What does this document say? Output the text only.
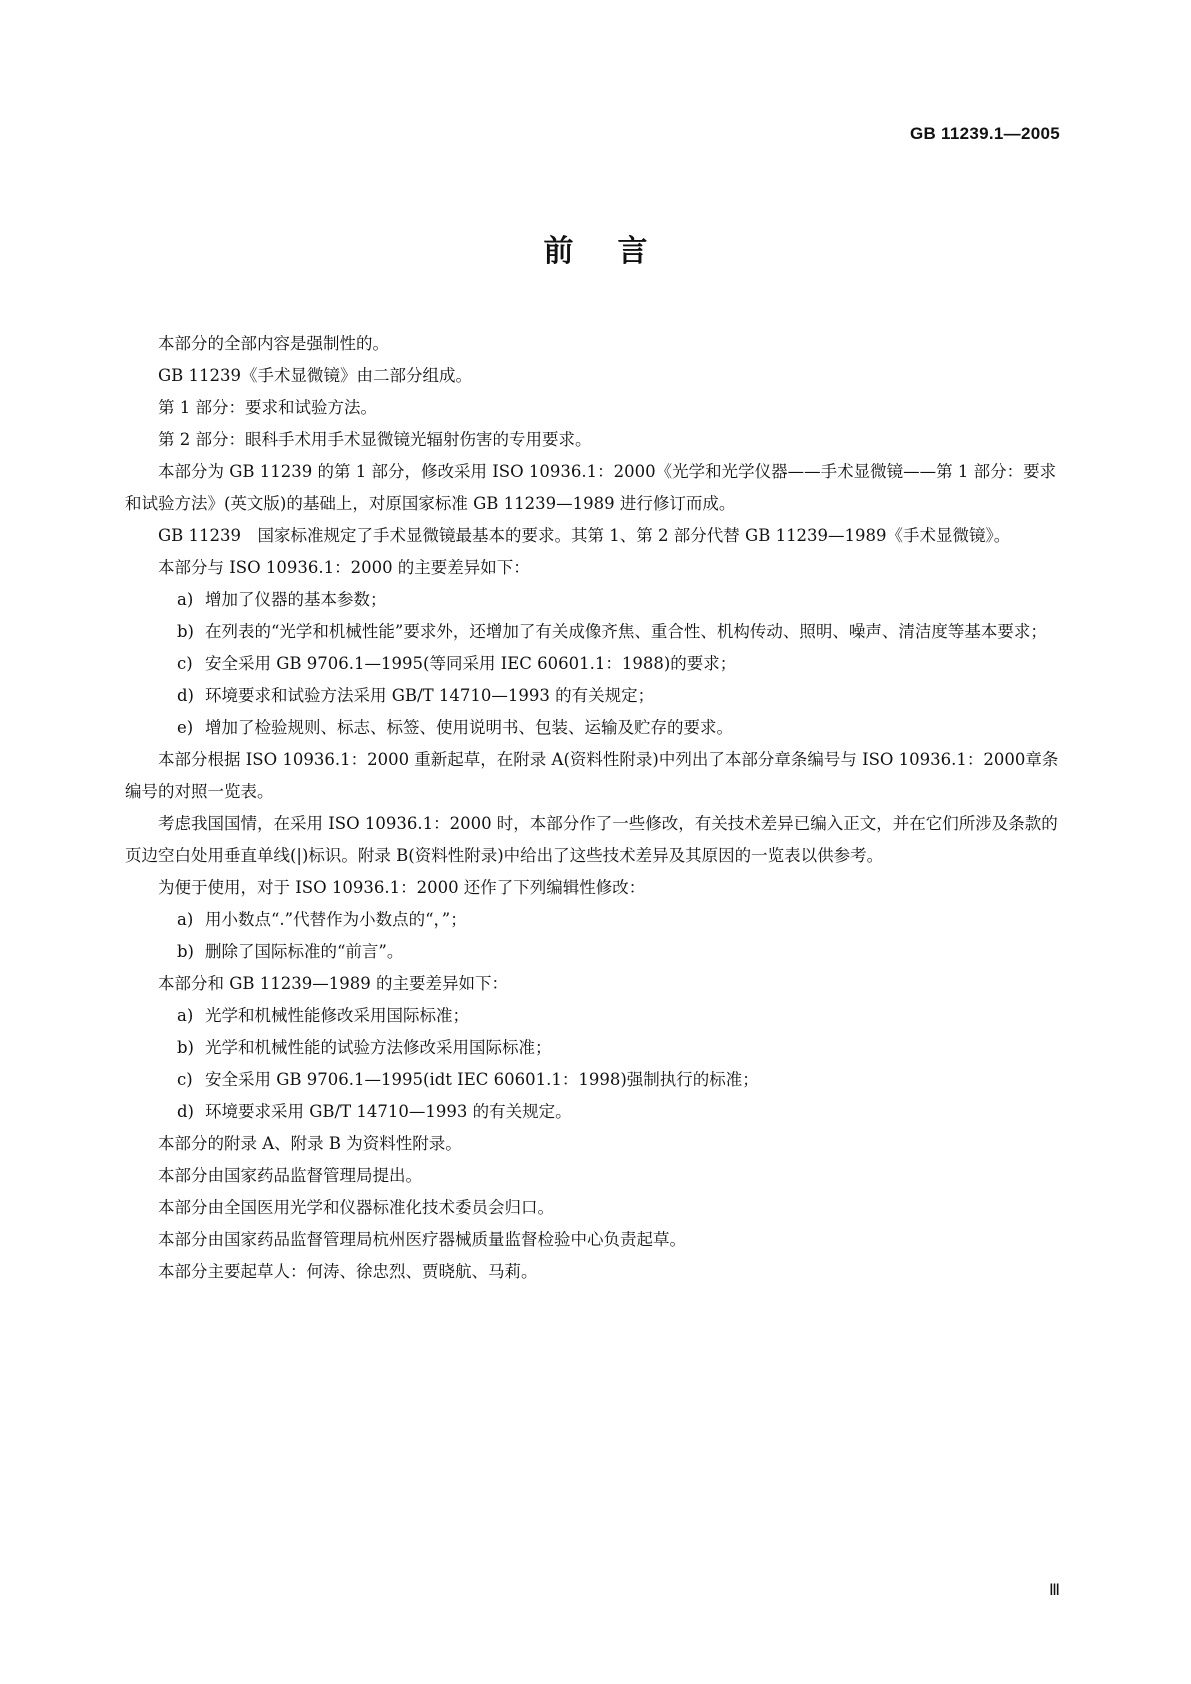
GB 11239.1—2005
前言

本部分的全部内容是强制性的。

GB 11239《手术显微镜》由二部分组成。

第 1 部分：要求和试验方法。

第 2 部分：眼科手术用手术显微镜光辐射伤害的专用要求。

本部分为 GB 11239 的第 1 部分，修改采用 ISO 10936.1：2000《光学和光学仪器——手术显微镜——第 1 部分：要求和试验方法》(英文版)的基础上，对原国家标准 GB 11239—1989 进行修订而成。

GB 11239　国家标准规定了手术显微镜最基本的要求。其第 1、第 2 部分代替 GB 11239—1989《手术显微镜》。

本部分与 ISO 10936.1：2000 的主要差异如下：

a) 增加了仪器的基本参数；
b) 在列表的“光学和机械性能”要求外，还增加了有关成像齐焦、重合性、机构传动、照明、噪声、清洁度等基本要求；
c) 安全采用 GB 9706.1—1995(等同采用 IEC 60601.1：1988)的要求；
d) 环境要求和试验方法采用 GB/T 14710—1993 的有关规定；
e) 增加了检验规则、标志、标签、使用说明书、包装、运输及贮存的要求。

本部分根据 ISO 10936.1：2000 重新起草，在附录 A(资料性附录)中列出了本部分章条编号与 ISO 10936.1：2000章条编号的对照一览表。

考虑我国国情，在采用 ISO 10936.1：2000 时，本部分作了一些修改，有关技术差异已编入正文，并在它们所涉及条款的页边空白处用垂直单线(|)标识。附录 B(资料性附录)中给出了这些技术差异及其原因的一览表以供参考。

为便于使用，对于 ISO 10936.1：2000 还作了下列编辑性修改：

a) 用小数点“.”代替作为小数点的“，”；
b) 删除了国际标准的“前言”。

本部分和 GB 11239—1989 的主要差异如下：

a) 光学和机械性能修改采用国际标准；
b) 光学和机械性能的试验方法修改采用国际标准；
c) 安全采用 GB 9706.1—1995(idt IEC 60601.1：1998)强制执行的标准；
d) 环境要求采用 GB/T 14710—1993 的有关规定。

本部分的附录 A、附录 B 为资料性附录。

本部分由国家药品监督管理局提出。

本部分由全国医用光学和仪器标准化技术委员会归口。

本部分由国家药品监督管理局杭州医疗器械质量监督检验中心负责起草。

本部分主要起草人：何涛、徐忠烈、贾晓航、马莉。

Ⅲ
